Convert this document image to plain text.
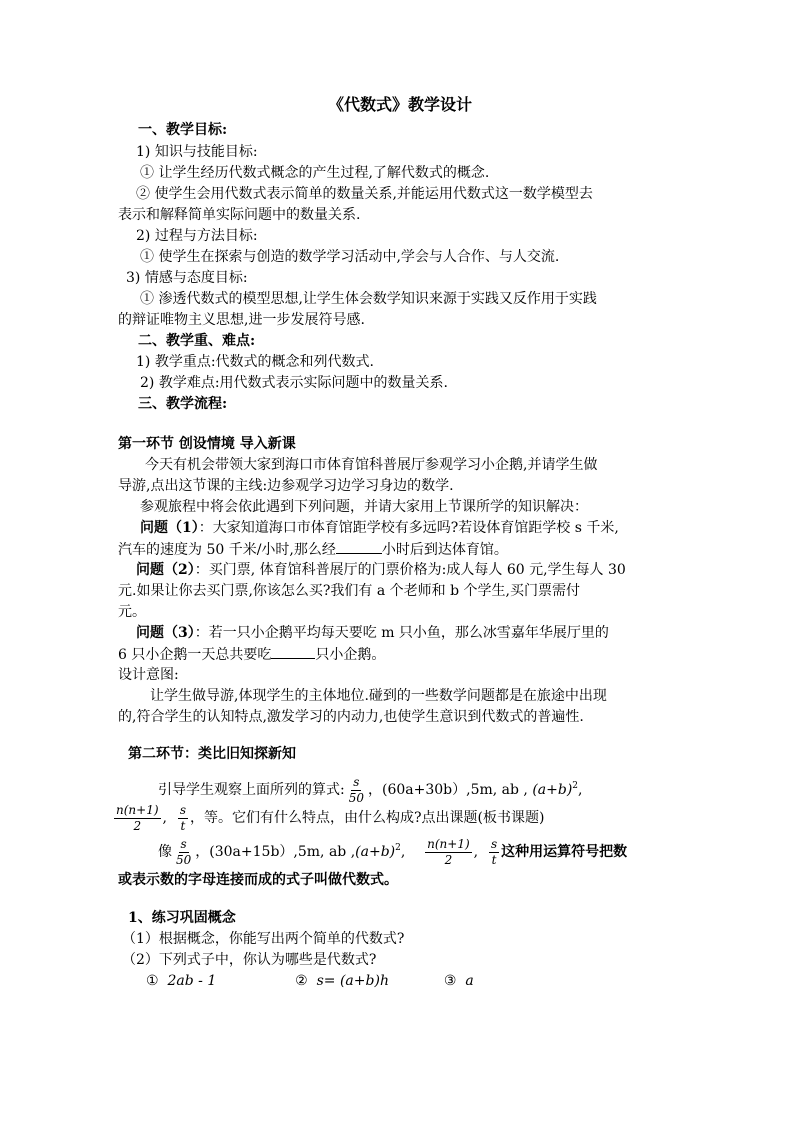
《代数式》教学设计
一、教学目标:
1) 知识与技能目标:
① 让学生经历代数式概念的产生过程,了解代数式的概念.
② 使学生会用代数式表示简单的数量关系,并能运用代数式这一数学模型去
表示和解释简单实际问题中的数量关系.
2) 过程与方法目标:
① 使学生在探索与创造的数学学习活动中,学会与人合作、与人交流.
3) 情感与态度目标:
① 渗透代数式的模型思想,让学生体会数学知识来源于实践又反作用于实践
的辩证唯物主义思想,进一步发展符号感.
二、教学重、难点:
1) 教学重点:代数式的概念和列代数式.
2) 教学难点:用代数式表示实际问题中的数量关系.
三、教学流程:
第一环节 创设情境 导入新课
今天有机会带领大家到海口市体育馆科普展厅参观学习小企鹅,并请学生做
导游,点出这节课的主线:边参观学习边学习身边的数学.
参观旅程中将会依此遇到下列问题，并请大家用上节课所学的知识解决：
问题（1）：大家知道海口市体育馆距学校有多远吗?若设体育馆距学校 s 千米,
汽车的速度为 50 千米/小时,那么经	小时后到达体育馆。
问题（2）：买门票, 体育馆科普展厅的门票价格为:成人每人 60 元,学生每人 30
元.如果让你去买门票,你该怎么买?我们有 a 个老师和 b 个学生,买门票需付
元。
问题（3）：若一只小企鹅平均每天要吃 m 只小鱼，那么冰雪嘉年华展厅里的
6 只小企鹅一天总共要吃	只小企鹅。
设计意图:
让学生做导游,体现学生的主体地位.碰到的一些数学问题都是在旅途中出现
的,符合学生的认知特点,激发学习的内动力,也使学生意识到代数式的普遍性.
第二环节：类比旧知探新知
引导学生观察上面所列的算式: $\frac{s}{50}$ ，(60a+30b）,5m, ab , $(a+b)^2$,
$\frac{n(n+1)}{2}$ , $\frac{s}{t}$ ，等。它们有什么特点，由什么构成?点出课题(板书课题)
像 $\frac{s}{50}$ ，(30a+15b）,5m, ab $,(a+b)^2$, $\frac{n(n+1)}{2}$ , $\frac{s}{t}$ 这种用运算符号把数
或表示数的字母连接而成的式子叫做代数式。
1、练习巩固概念
（1）根据概念，你能写出两个简单的代数式?
（2）下列式子中，你认为哪些是代数式?
① 2ab - 1	② s= (a+b)h	③ a
